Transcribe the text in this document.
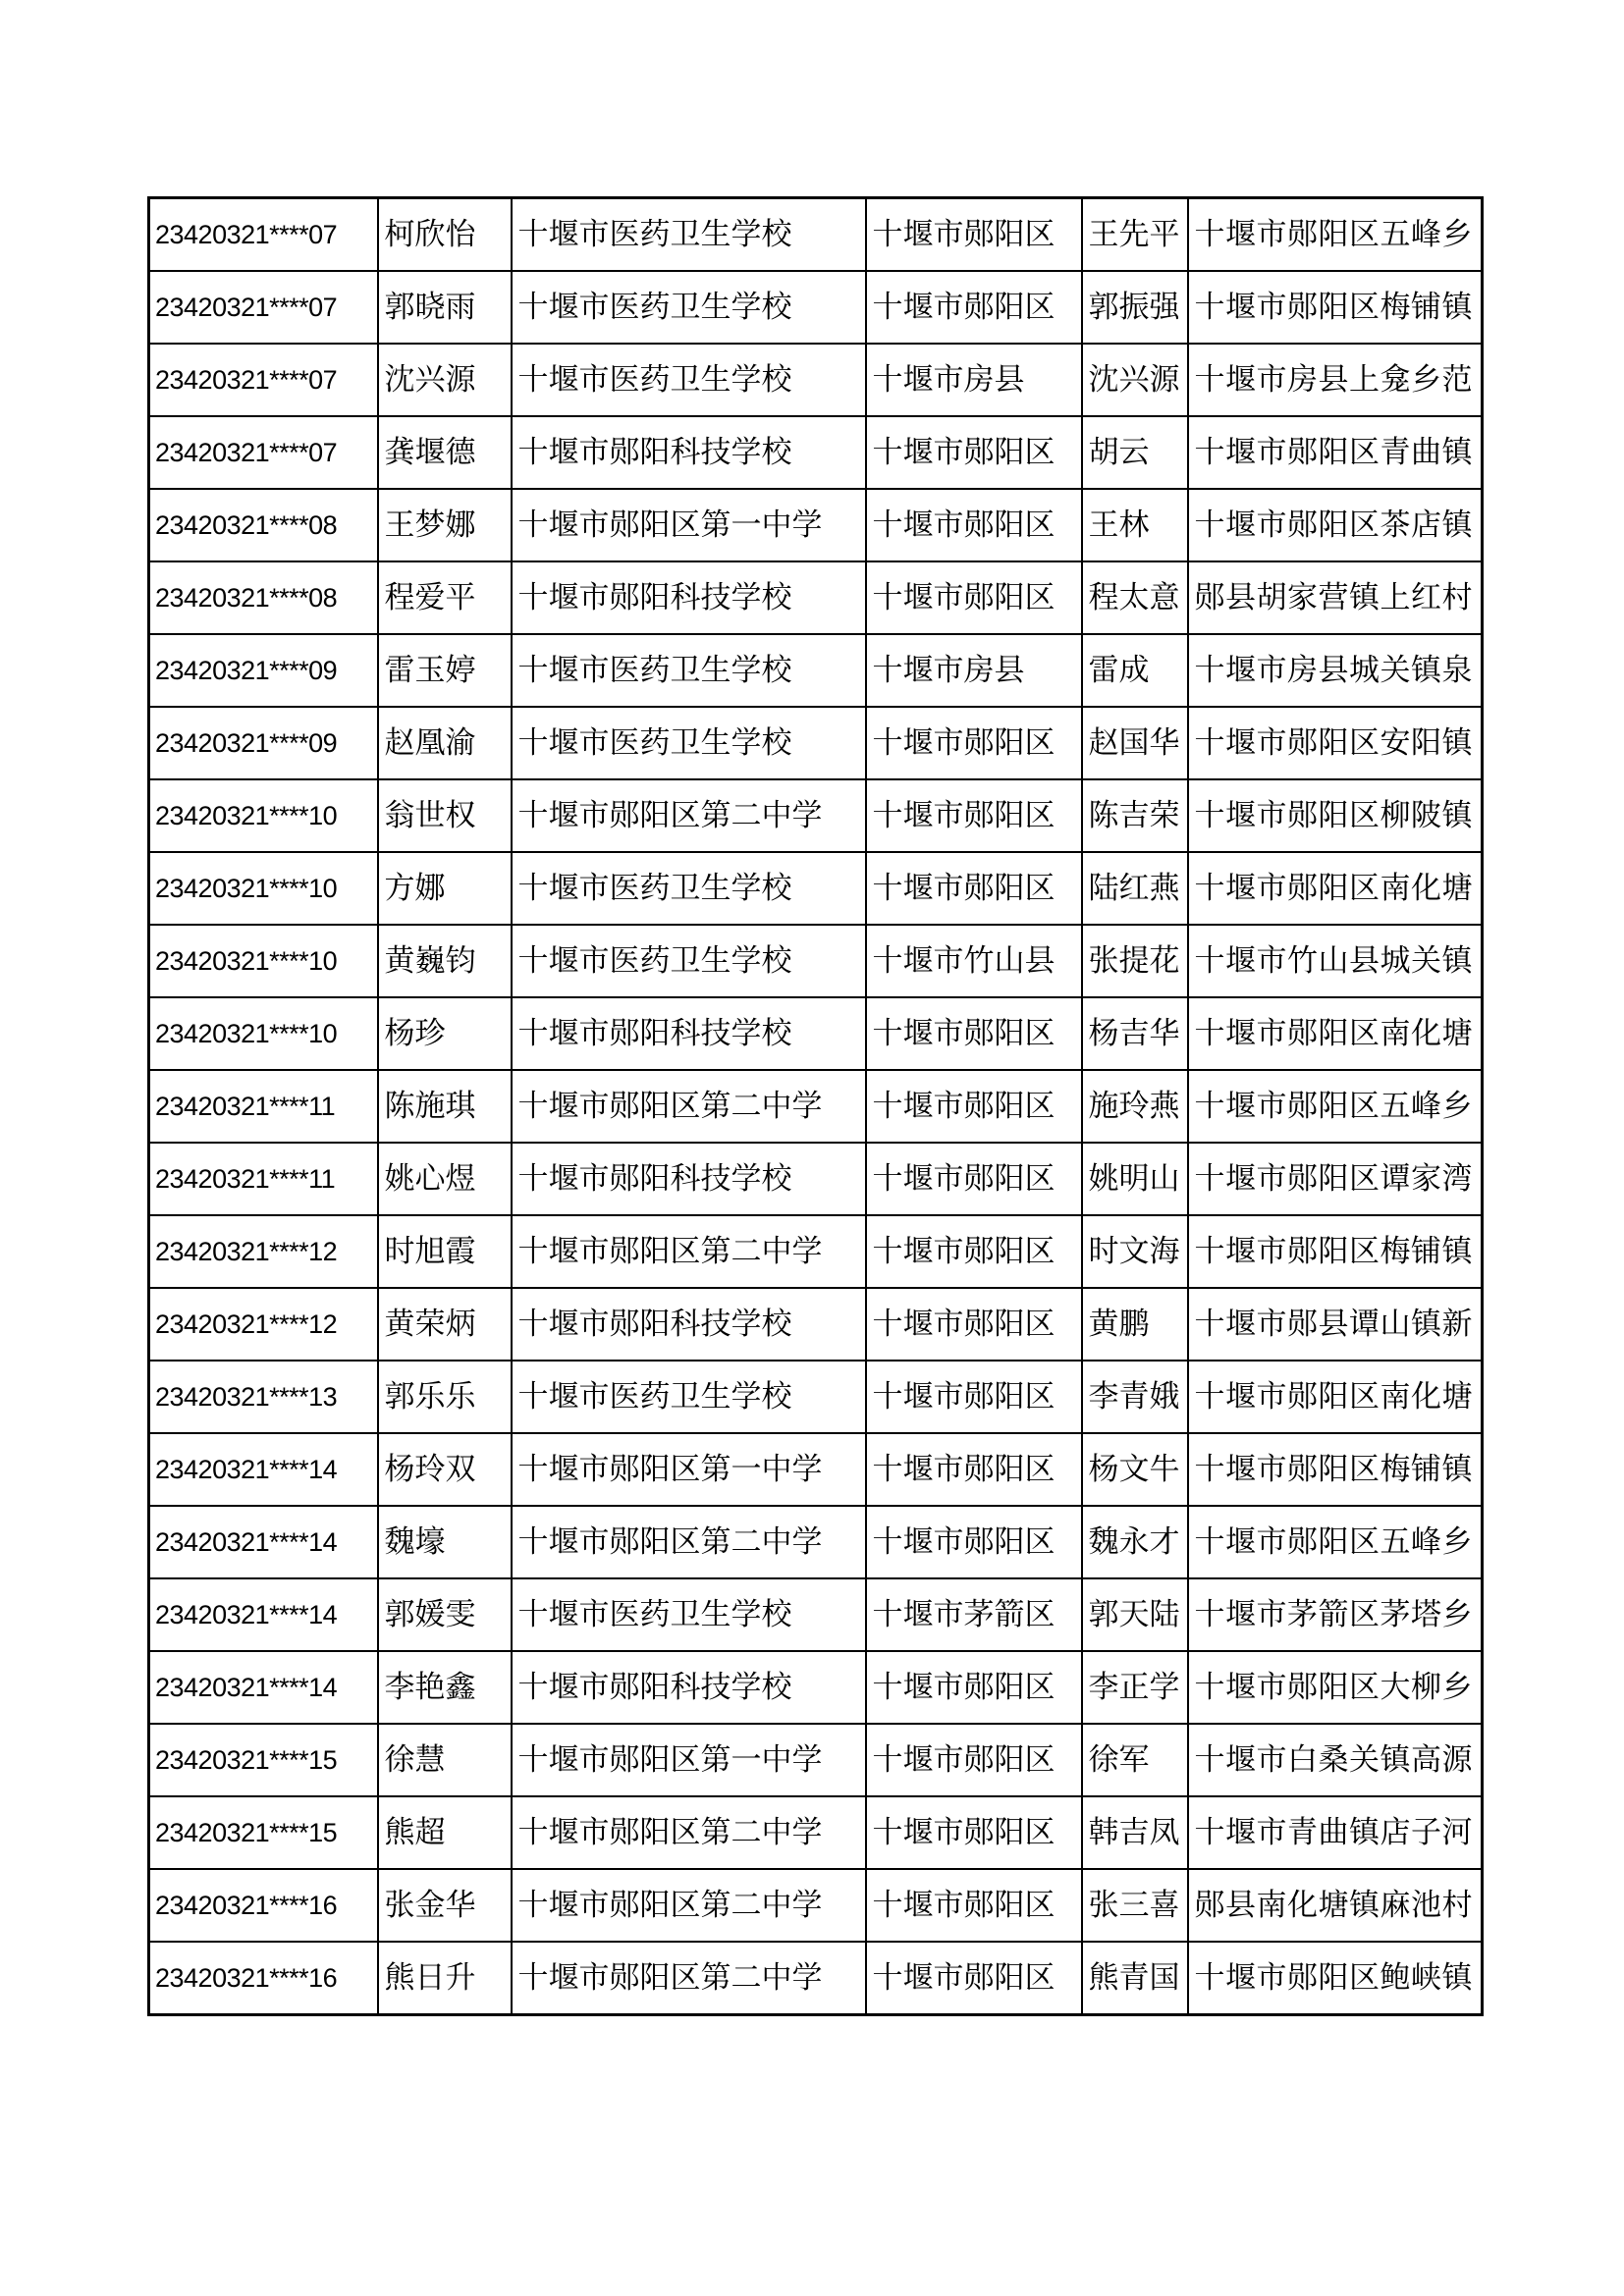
23420321****07	柯欣怡	十堰市医药卫生学校	十堰市郧阳区	王先平	十堰市郧阳区五峰乡
23420321****07	郭晓雨	十堰市医药卫生学校	十堰市郧阳区	郭振强	十堰市郧阳区梅铺镇
23420321****07	沈兴源	十堰市医药卫生学校	十堰市房县	沈兴源	十堰市房县上龛乡范
23420321****07	龚堰德	十堰市郧阳科技学校	十堰市郧阳区	胡云	十堰市郧阳区青曲镇
23420321****08	王梦娜	十堰市郧阳区第一中学	十堰市郧阳区	王林	十堰市郧阳区茶店镇
23420321****08	程爱平	十堰市郧阳科技学校	十堰市郧阳区	程太意	郧县胡家营镇上红村
23420321****09	雷玉婷	十堰市医药卫生学校	十堰市房县	雷成	十堰市房县城关镇泉
23420321****09	赵凰渝	十堰市医药卫生学校	十堰市郧阳区	赵国华	十堰市郧阳区安阳镇
23420321****10	翁世权	十堰市郧阳区第二中学	十堰市郧阳区	陈吉荣	十堰市郧阳区柳陂镇
23420321****10	方娜	十堰市医药卫生学校	十堰市郧阳区	陆红燕	十堰市郧阳区南化塘
23420321****10	黄巍钧	十堰市医药卫生学校	十堰市竹山县	张提花	十堰市竹山县城关镇
23420321****10	杨珍	十堰市郧阳科技学校	十堰市郧阳区	杨吉华	十堰市郧阳区南化塘
23420321****11	陈施琪	十堰市郧阳区第二中学	十堰市郧阳区	施玲燕	十堰市郧阳区五峰乡
23420321****11	姚心煜	十堰市郧阳科技学校	十堰市郧阳区	姚明山	十堰市郧阳区谭家湾
23420321****12	时旭霞	十堰市郧阳区第二中学	十堰市郧阳区	时文海	十堰市郧阳区梅铺镇
23420321****12	黄荣炳	十堰市郧阳科技学校	十堰市郧阳区	黄鹏	十堰市郧县谭山镇新
23420321****13	郭乐乐	十堰市医药卫生学校	十堰市郧阳区	李青娥	十堰市郧阳区南化塘
23420321****14	杨玲双	十堰市郧阳区第一中学	十堰市郧阳区	杨文牛	十堰市郧阳区梅铺镇
23420321****14	魏壕	十堰市郧阳区第二中学	十堰市郧阳区	魏永才	十堰市郧阳区五峰乡
23420321****14	郭媛雯	十堰市医药卫生学校	十堰市茅箭区	郭天陆	十堰市茅箭区茅塔乡
23420321****14	李艳鑫	十堰市郧阳科技学校	十堰市郧阳区	李正学	十堰市郧阳区大柳乡
23420321****15	徐慧	十堰市郧阳区第一中学	十堰市郧阳区	徐军	十堰市白桑关镇高源
23420321****15	熊超	十堰市郧阳区第二中学	十堰市郧阳区	韩吉凤	十堰市青曲镇店子河
23420321****16	张金华	十堰市郧阳区第二中学	十堰市郧阳区	张三喜	郧县南化塘镇麻池村
23420321****16	熊日升	十堰市郧阳区第二中学	十堰市郧阳区	熊青国	十堰市郧阳区鲍峡镇
